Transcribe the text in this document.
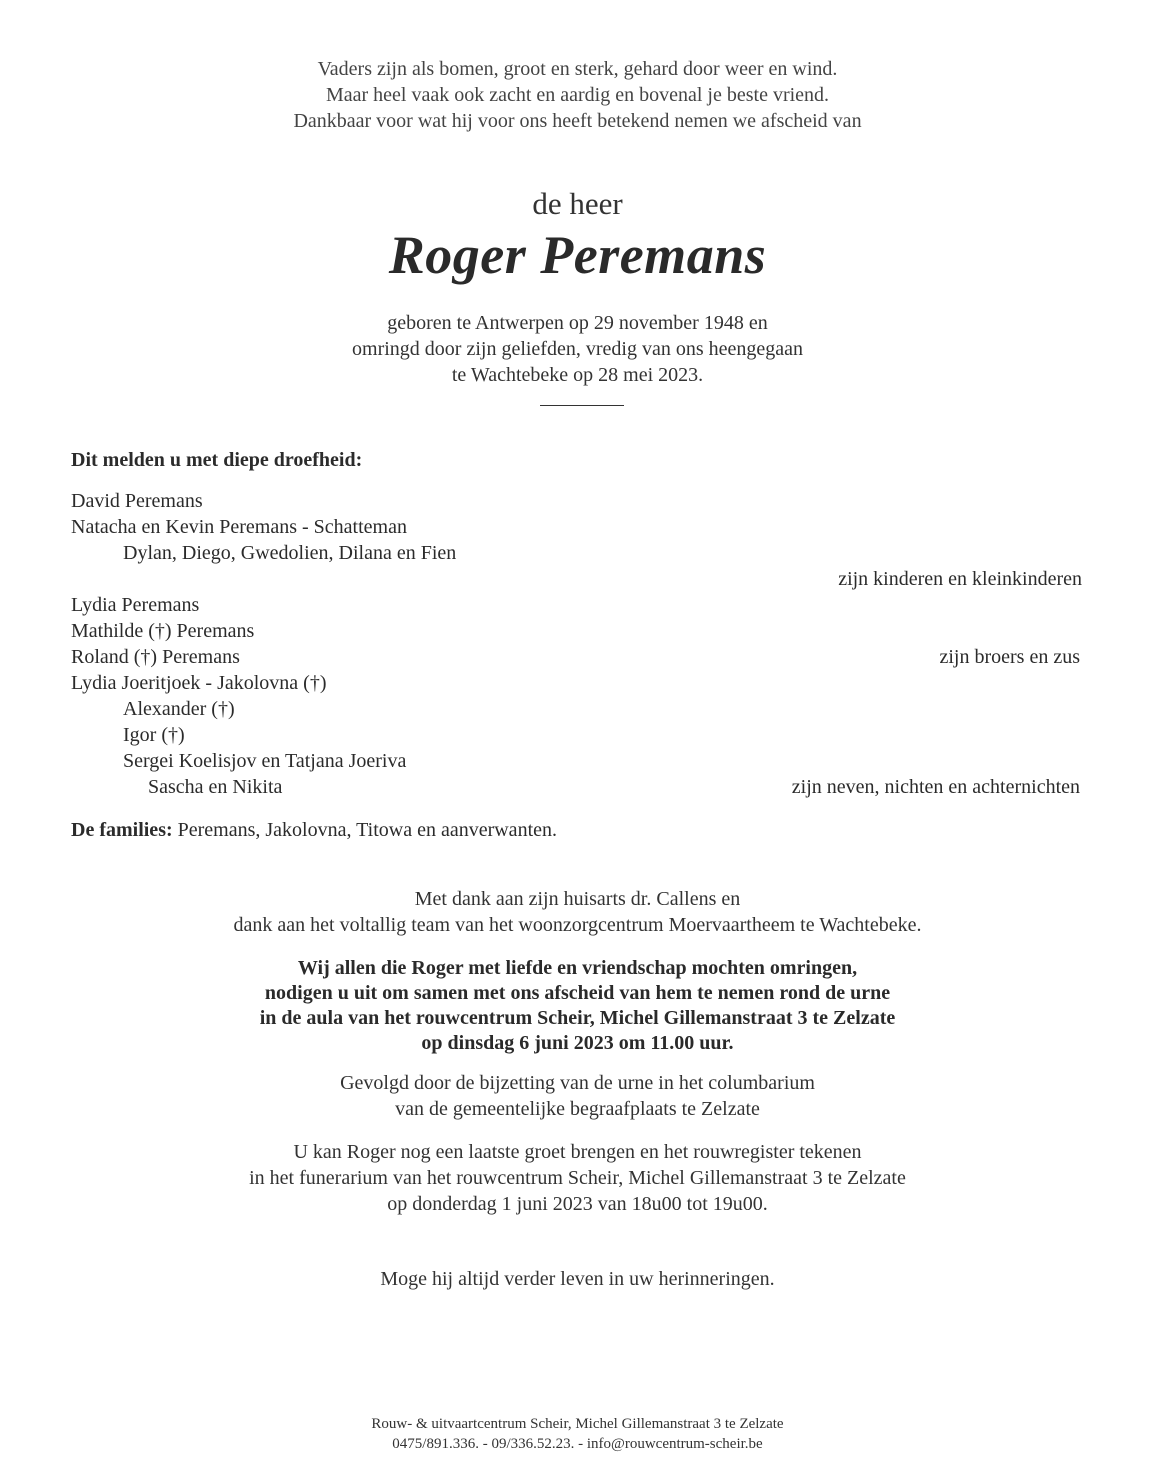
Vaders zijn als bomen, groot en sterk, gehard door weer en wind.
Maar heel vaak ook zacht en aardig en bovenal je beste vriend.
Dankbaar voor wat hij voor ons heeft betekend nemen we afscheid van
de heer
Roger Peremans
geboren te Antwerpen op 29 november 1948 en
omringd door zijn geliefden, vredig van ons heengegaan
te Wachtebeke op 28 mei 2023.
Dit melden u met diepe droefheid:
David Peremans
Natacha en Kevin Peremans - Schatteman
Dylan, Diego, Gwedolien, Dilana en Fien
zijn kinderen en kleinkinderen
Lydia Peremans
Mathilde (†) Peremans
Roland (†) Peremans	zijn broers en zus
Lydia Joeritjoek - Jakolovna (†)
Alexander (†)
Igor (†)
Sergei Koelisjov en Tatjana Joeriva
Sascha en Nikita	zijn neven, nichten en achternichten
De families: Peremans, Jakolovna, Titowa en aanverwanten.
Met dank aan zijn huisarts dr. Callens en
dank aan het voltallig team van het woonzorgcentrum Moervaartheem te Wachtebeke.
Wij allen die Roger met liefde en vriendschap mochten omringen,
nodigen u uit om samen met ons afscheid van hem te nemen rond de urne
in de aula van het rouwcentrum Scheir, Michel Gillemanstraat 3 te Zelzate
op dinsdag 6 juni 2023 om 11.00 uur.
Gevolgd door de bijzetting van de urne in het columbarium
van de gemeentelijke begraafplaats te Zelzate
U kan Roger nog een laatste groet brengen en het rouwregister tekenen
in het funerarium van het rouwcentrum Scheir, Michel Gillemanstraat 3 te Zelzate
op donderdag 1 juni 2023 van 18u00 tot 19u00.
Moge hij altijd verder leven in uw herinneringen.
Rouw- & uitvaartcentrum Scheir, Michel Gillemanstraat 3 te Zelzate
0475/891.336. - 09/336.52.23. - info@rouwcentrum-scheir.be
